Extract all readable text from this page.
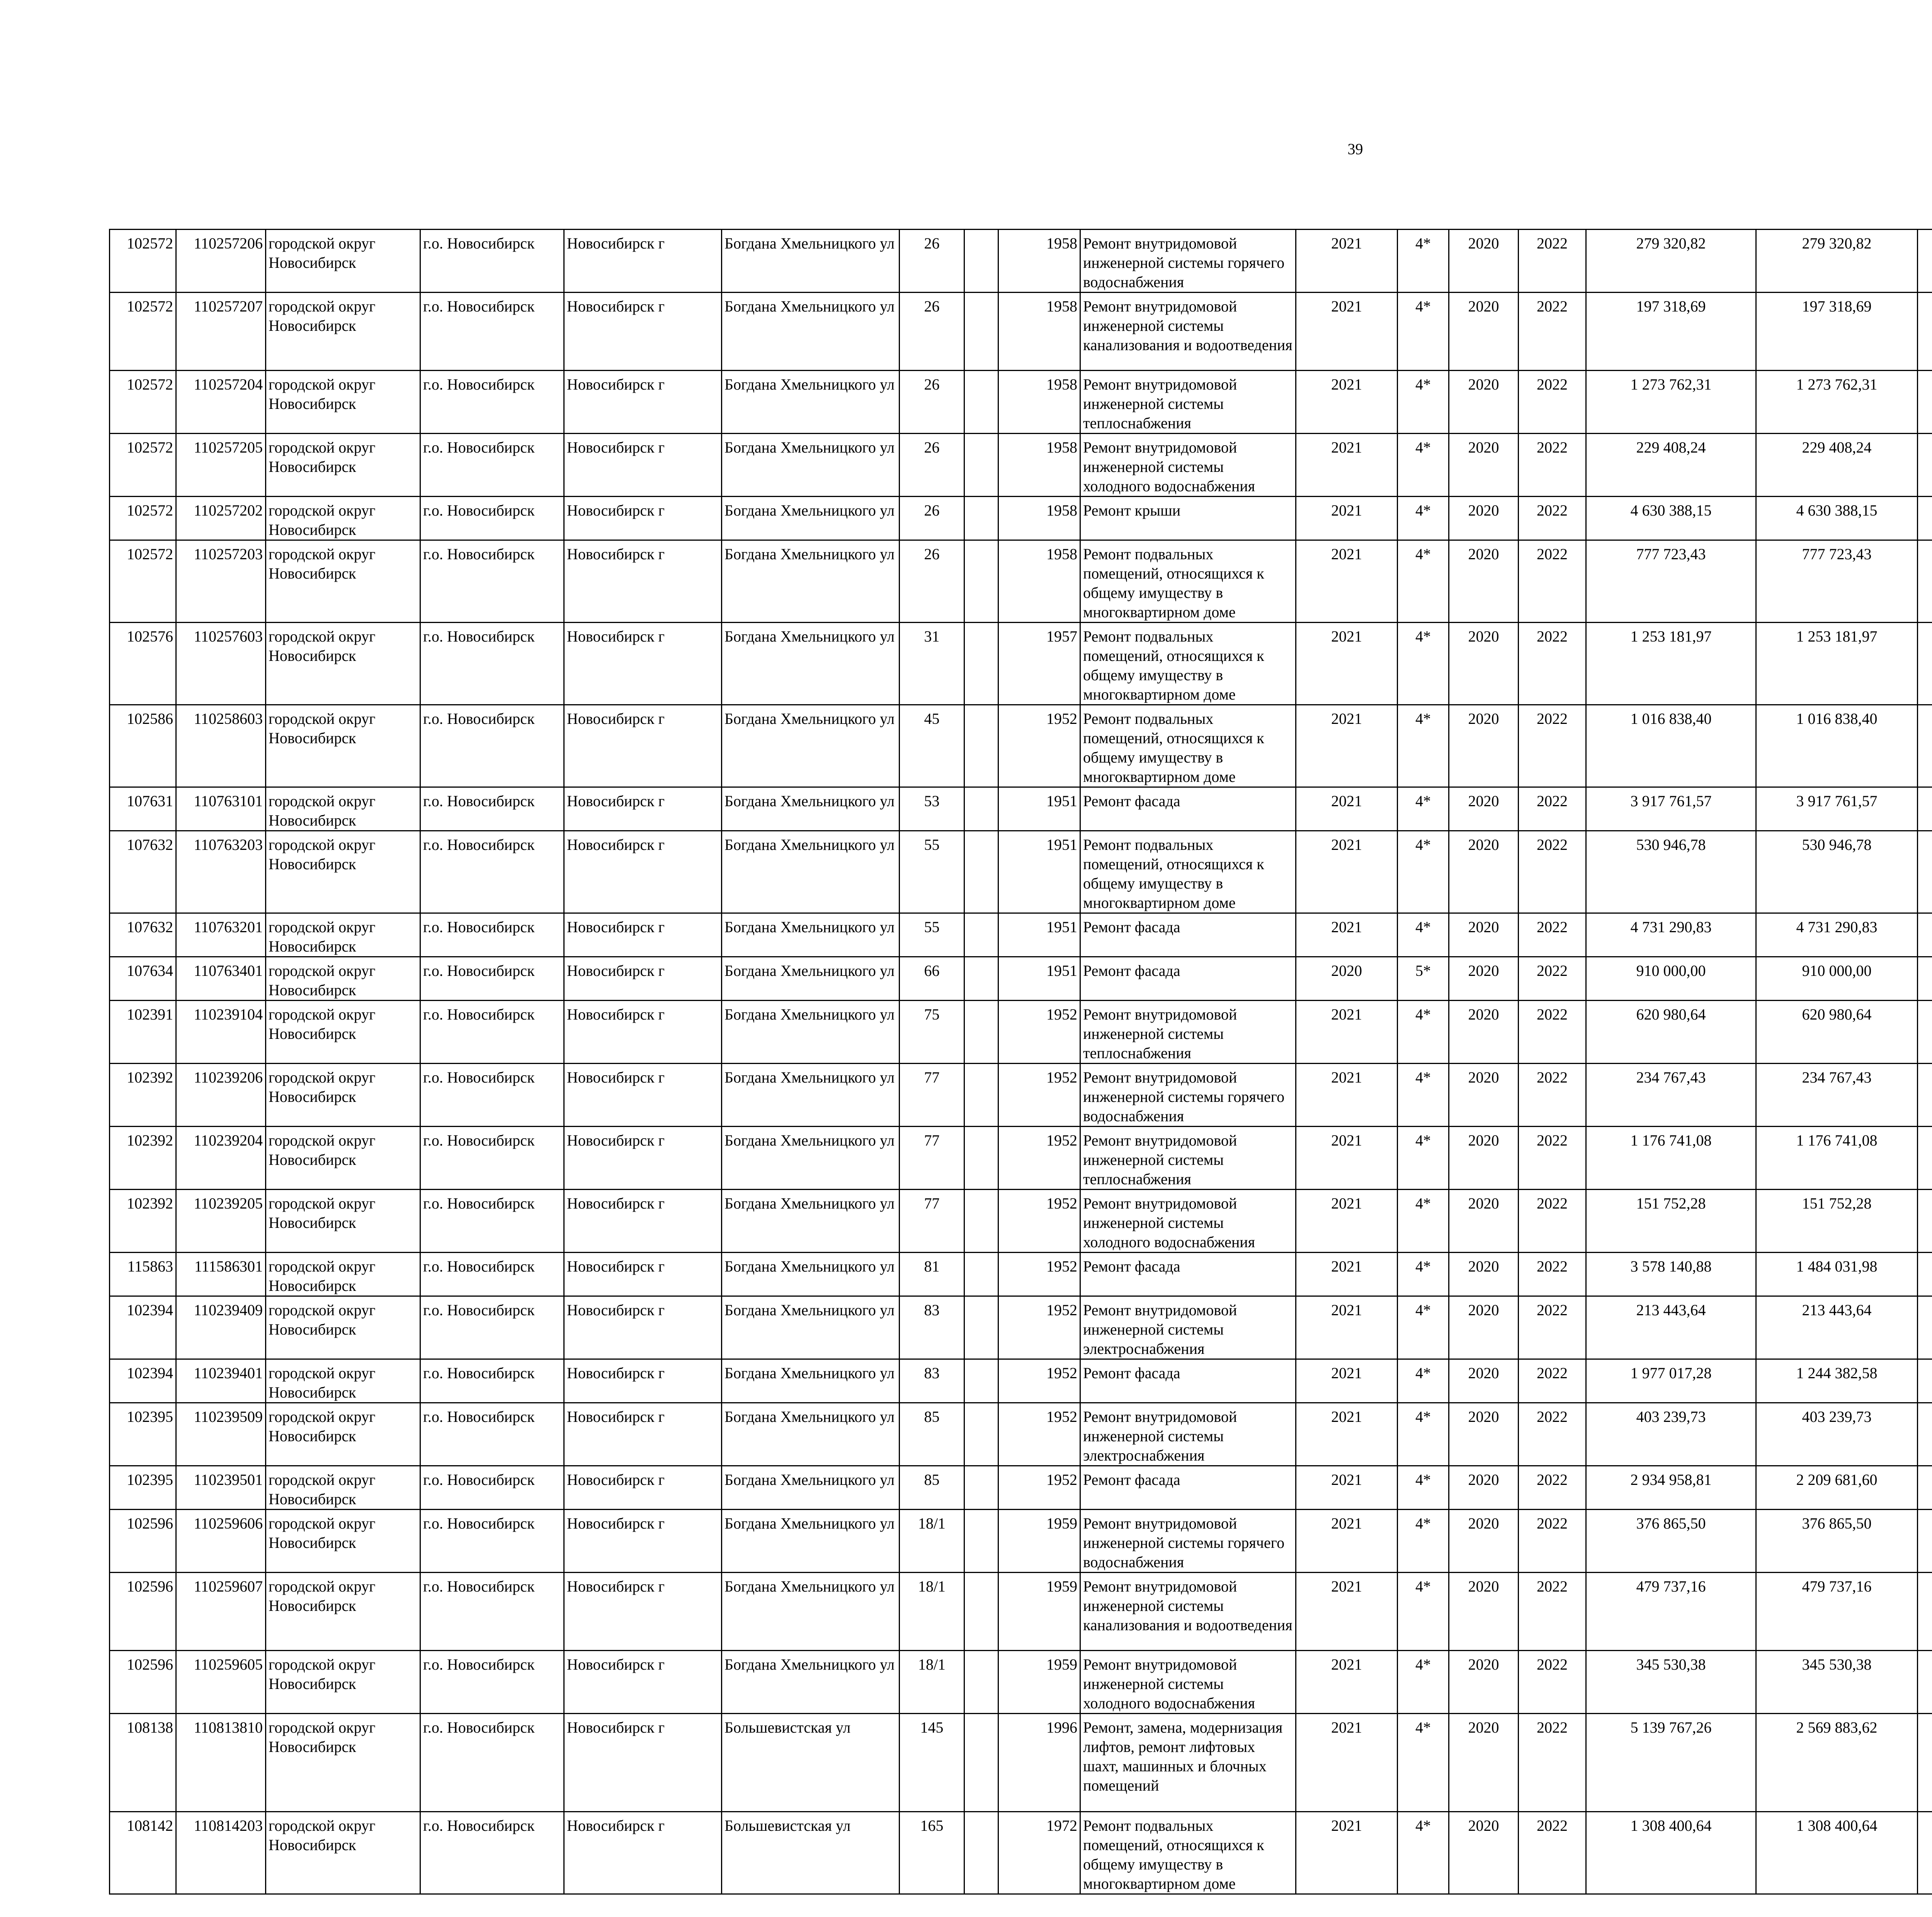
39
102572	110257206	городской округ Новосибирск	г.о. Новосибирск	Новосибирск г	Богдана Хмельницкого ул	26		1958	Ремонт внутридомовой инженерной системы горячего водоснабжения	2021	4*	2020	2022	279 320,82	279 320,82						
102572	110257207	городской округ Новосибирск	г.о. Новосибирск	Новосибирск г	Богдана Хмельницкого ул	26		1958	Ремонт внутридомовой инженерной системы канализования и водоотведения	2021	4*	2020	2022	197 318,69	197 318,69						
102572	110257204	городской округ Новосибирск	г.о. Новосибирск	Новосибирск г	Богдана Хмельницкого ул	26		1958	Ремонт внутридомовой инженерной системы теплоснабжения	2021	4*	2020	2022	1 273 762,31	1 273 762,31						
102572	110257205	городской округ Новосибирск	г.о. Новосибирск	Новосибирск г	Богдана Хмельницкого ул	26		1958	Ремонт внутридомовой инженерной системы холодного водоснабжения	2021	4*	2020	2022	229 408,24	229 408,24						
102572	110257202	городской округ Новосибирск	г.о. Новосибирск	Новосибирск г	Богдана Хмельницкого ул	26		1958	Ремонт крыши	2021	4*	2020	2022	4 630 388,15	4 630 388,15						
102572	110257203	городской округ Новосибирск	г.о. Новосибирск	Новосибирск г	Богдана Хмельницкого ул	26		1958	Ремонт подвальных помещений, относящихся к общему имуществу в многоквартирном доме	2021	4*	2020	2022	777 723,43	777 723,43						
102576	110257603	городской округ Новосибирск	г.о. Новосибирск	Новосибирск г	Богдана Хмельницкого ул	31		1957	Ремонт подвальных помещений, относящихся к общему имуществу в многоквартирном доме	2021	4*	2020	2022	1 253 181,97	1 253 181,97						
102586	110258603	городской округ Новосибирск	г.о. Новосибирск	Новосибирск г	Богдана Хмельницкого ул	45		1952	Ремонт подвальных помещений, относящихся к общему имуществу в многоквартирном доме	2021	4*	2020	2022	1 016 838,40	1 016 838,40						
107631	110763101	городской округ Новосибирск	г.о. Новосибирск	Новосибирск г	Богдана Хмельницкого ул	53		1951	Ремонт фасада	2021	4*	2020	2022	3 917 761,57	3 917 761,57						
107632	110763203	городской округ Новосибирск	г.о. Новосибирск	Новосибирск г	Богдана Хмельницкого ул	55		1951	Ремонт подвальных помещений, относящихся к общему имуществу в многоквартирном доме	2021	4*	2020	2022	530 946,78	530 946,78						
107632	110763201	городской округ Новосибирск	г.о. Новосибирск	Новосибирск г	Богдана Хмельницкого ул	55		1951	Ремонт фасада	2021	4*	2020	2022	4 731 290,83	4 731 290,83						
107634	110763401	городской округ Новосибирск	г.о. Новосибирск	Новосибирск г	Богдана Хмельницкого ул	66		1951	Ремонт фасада	2020	5*	2020	2022	910 000,00	910 000,00						
102391	110239104	городской округ Новосибирск	г.о. Новосибирск	Новосибирск г	Богдана Хмельницкого ул	75		1952	Ремонт внутридомовой инженерной системы теплоснабжения	2021	4*	2020	2022	620 980,64	620 980,64						
102392	110239206	городской округ Новосибирск	г.о. Новосибирск	Новосибирск г	Богдана Хмельницкого ул	77		1952	Ремонт внутридомовой инженерной системы горячего водоснабжения	2021	4*	2020	2022	234 767,43	234 767,43						
102392	110239204	городской округ Новосибирск	г.о. Новосибирск	Новосибирск г	Богдана Хмельницкого ул	77		1952	Ремонт внутридомовой инженерной системы теплоснабжения	2021	4*	2020	2022	1 176 741,08	1 176 741,08						
102392	110239205	городской округ Новосибирск	г.о. Новосибирск	Новосибирск г	Богдана Хмельницкого ул	77		1952	Ремонт внутридомовой инженерной системы холодного водоснабжения	2021	4*	2020	2022	151 752,28	151 752,28						
115863	111586301	городской округ Новосибирск	г.о. Новосибирск	Новосибирск г	Богдана Хмельницкого ул	81		1952	Ремонт фасада	2021	4*	2020	2022	3 578 140,88	1 484 031,98						
102394	110239409	городской округ Новосибирск	г.о. Новосибирск	Новосибирск г	Богдана Хмельницкого ул	83		1952	Ремонт внутридомовой инженерной системы электроснабжения	2021	4*	2020	2022	213 443,64	213 443,64						
102394	110239401	городской округ Новосибирск	г.о. Новосибирск	Новосибирск г	Богдана Хмельницкого ул	83		1952	Ремонт фасада	2021	4*	2020	2022	1 977 017,28	1 244 382,58						
102395	110239509	городской округ Новосибирск	г.о. Новосибирск	Новосибирск г	Богдана Хмельницкого ул	85		1952	Ремонт внутридомовой инженерной системы электроснабжения	2021	4*	2020	2022	403 239,73	403 239,73						
102395	110239501	городской округ Новосибирск	г.о. Новосибирск	Новосибирск г	Богдана Хмельницкого ул	85		1952	Ремонт фасада	2021	4*	2020	2022	2 934 958,81	2 209 681,60						
102596	110259606	городской округ Новосибирск	г.о. Новосибирск	Новосибирск г	Богдана Хмельницкого ул	18/1		1959	Ремонт внутридомовой инженерной системы горячего водоснабжения	2021	4*	2020	2022	376 865,50	376 865,50						
102596	110259607	городской округ Новосибирск	г.о. Новосибирск	Новосибирск г	Богдана Хмельницкого ул	18/1		1959	Ремонт внутридомовой инженерной системы канализования и водоотведения	2021	4*	2020	2022	479 737,16	479 737,16						
102596	110259605	городской округ Новосибирск	г.о. Новосибирск	Новосибирск г	Богдана Хмельницкого ул	18/1		1959	Ремонт внутридомовой инженерной системы холодного водоснабжения	2021	4*	2020	2022	345 530,38	345 530,38						
108138	110813810	городской округ Новосибирск	г.о. Новосибирск	Новосибирск г	Большевистская ул	145		1996	Ремонт, замена, модернизация лифтов, ремонт лифтовых шахт, машинных и блочных помещений	2021	4*	2020	2022	5 139 767,26	2 569 883,62						
108142	110814203	городской округ Новосибирск	г.о. Новосибирск	Новосибирск г	Большевистская ул	165		1972	Ремонт подвальных помещений, относящихся к общему имуществу в многоквартирном доме	2021	4*	2020	2022	1 308 400,64	1 308 400,64						
